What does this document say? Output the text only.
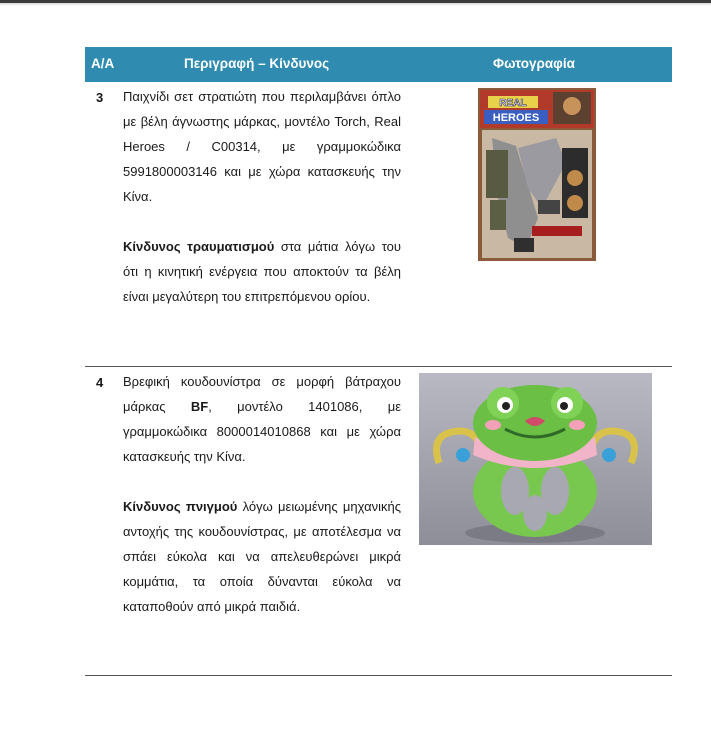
Α/Α	Περιγραφή – Κίνδυνος	Φωτογραφία
3 Παιχνίδι σετ στρατιώτη που περιλαμβάνει όπλο με βέλη άγνωστης μάρκας, μοντέλο Torch, Real Heroes / C00314, με γραμμοκώδικα 5991800003146 και με χώρα κατασκευής την Κίνα.

Κίνδυνος τραυματισμού στα μάτια λόγω του ότι η κινητική ενέργεια που αποκτούν τα βέλη είναι μεγαλύτερη του επιτρεπόμενου ορίου.

REAL
HEROES
4 Βρεφική κουδουνίστρα σε μορφή βάτραχου μάρκας BF, μοντέλο 1401086, με γραμμοκώδικα 8000014010868 και με χώρα κατασκευής την Κίνα.

Κίνδυνος πνιγμού λόγω μειωμένης μηχανικής αντοχής της κουδουνίστρας, με αποτέλεσμα να σπάει εύκολα και να απελευθερώνει μικρά κομμάτια, τα οποία δύνανται εύκολα να καταποθούν από μικρά παιδιά.
